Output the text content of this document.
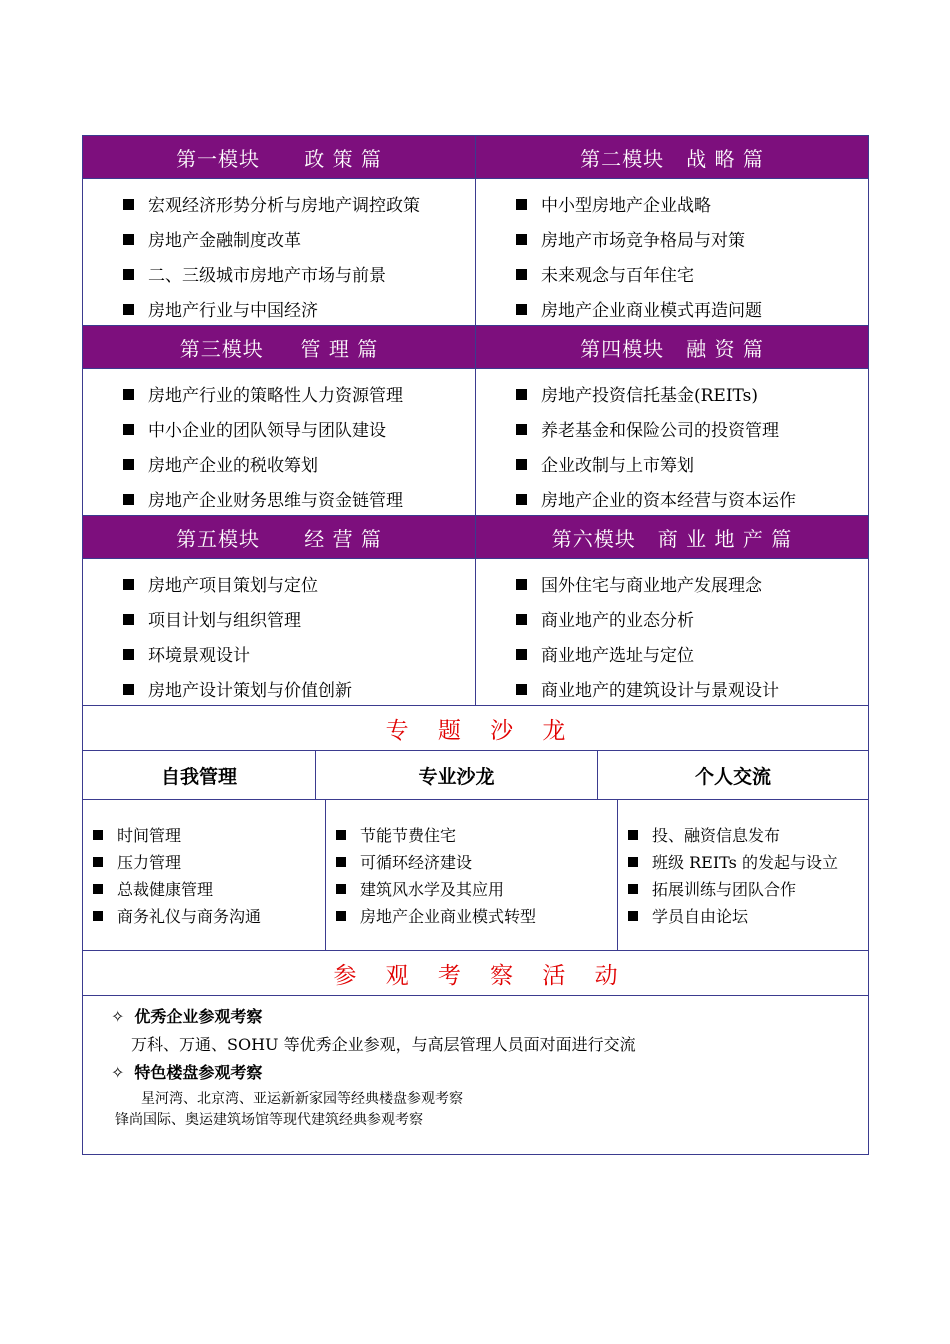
第一模块      政 策 篇	第二模块   战 略 篇
宏观经济形势分析与房地产调控政策
房地产金融制度改革
二、三级城市房地产市场与前景
房地产行业与中国经济
中小型房地产企业战略
房地产市场竞争格局与对策
未来观念与百年住宅
房地产企业商业模式再造问题
第三模块     管 理 篇	第四模块   融 资 篇
房地产行业的策略性人力资源管理
中小企业的团队领导与团队建设
房地产企业的税收筹划
房地产企业财务思维与资金链管理
房地产投资信托基金(REITs)
养老基金和保险公司的投资管理
企业改制与上市筹划
房地产企业的资本经营与资本运作
第五模块      经 营 篇	第六模块   商 业 地 产 篇
房地产项目策划与定位
项目计划与组织管理
环境景观设计
房地产设计策划与价值创新
国外住宅与商业地产发展理念
商业地产的业态分析
商业地产选址与定位
商业地产的建筑设计与景观设计
专    题    沙    龙
自我管理	专业沙龙	个人交流
时间管理
压力管理
总裁健康管理
商务礼仪与商务沟通
节能节费住宅
可循环经济建设
建筑风水学及其应用
房地产企业商业模式转型
投、融资信息发布
班级 REITs 的发起与设立
拓展训练与团队合作
学员自由论坛
参    观    考    察    活    动
✧ 优秀企业参观考察
万科、万通、SOHU 等优秀企业参观，与高层管理人员面对面进行交流
✧ 特色楼盘参观考察
星河湾、北京湾、亚运新新家园等经典楼盘参观考察
锋尚国际、奥运建筑场馆等现代建筑经典参观考察
